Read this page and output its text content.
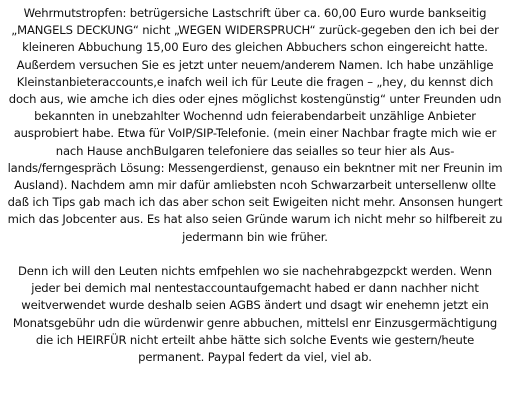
Wehrmutstropfen: betrügersiche Lastschrift über ca. 60,00 Euro wurde bankseitig „MANGELS DECKUNG“ nicht „WEGEN WIDERSPRUCH“ zurück-gegeben den ich bei der kleineren Abbuchung 15,00 Euro des gleichen Abbuchers schon eingereicht hatte. Außerdem versuchen Sie es jetzt unter neuem/anderem Namen. Ich habe unzählige Kleinstanbieteraccounts,e inafch weil ich für Leute die fragen – „hey, du kennst dich doch aus, wie amche ich dies oder ejnes möglichst kostengünstig“ unter Freunden udn bekannten in unebzahlter Wochennd udn feierabendarbeit unzählige Anbieter ausprobiert habe. Etwa für VoIP/SIP-Telefonie. (mein einer Nachbar fragte mich wie er nach Hause anchBulgaren telefoniere das seialles so teur hier als Aus-lands/ferngespräch Lösung: Messengerdienst, genauso ein bekntner mit ner Freunin im Ausland). Nachdem amn mir dafür amliebsten ncoh Schwarzarbeit untersellenw ollte daß ich Tips gab mach ich das aber schon seit Ewigeiten nicht mehr. Ansonsen hungert mich das Jobcenter aus. Es hat also seien Gründe warum ich nicht mehr so hilfbereit zu jedermann bin wie früher.

Denn ich will den Leuten nichts emfpehlen wo sie nachehrabgezpckt werden. Wenn jeder bei demich mal nentestaccountaufgemacht habed er dann nachher nicht weitverwendet wurde deshalb seien AGBS ändert und dsagt wir enehemn jetzt ein Monatsgebühr udn die würdenwir genre abbuchen, mittelsl enr Einzusgermächtigung die ich HEIRFÜR nicht erteilt ahbe hätte sich solche Events wie gestern/heute permanent. Paypal federt da viel, viel ab.
